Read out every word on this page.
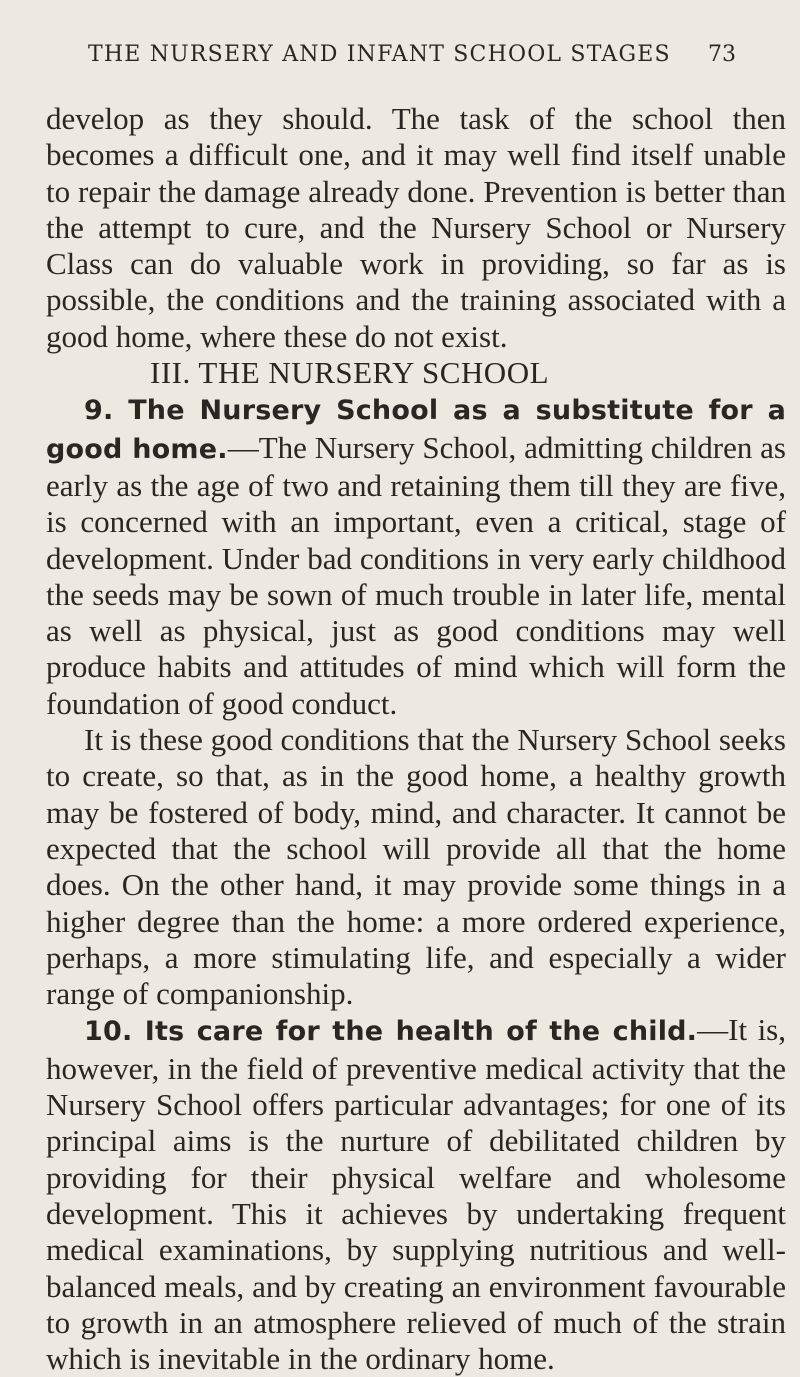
THE NURSERY AND INFANT SCHOOL STAGES 73

develop as they should. The task of the school then becomes a difficult one, and it may well find itself unable to repair the damage already done. Prevention is better than the attempt to cure, and the Nursery School or Nursery Class can do valuable work in providing, so far as is possible, the conditions and the training associated with a good home, where these do not exist.

III. THE NURSERY SCHOOL

9. The Nursery School as a substitute for a good home.—The Nursery School, admitting children as early as the age of two and retaining them till they are five, is concerned with an important, even a critical, stage of development. Under bad conditions in very early childhood the seeds may be sown of much trouble in later life, mental as well as physical, just as good conditions may well produce habits and attitudes of mind which will form the foundation of good conduct.

It is these good conditions that the Nursery School seeks to create, so that, as in the good home, a healthy growth may be fostered of body, mind, and character. It cannot be expected that the school will provide all that the home does. On the other hand, it may provide some things in a higher degree than the home: a more ordered experience, perhaps, a more stimulating life, and especially a wider range of companionship.

10. Its care for the health of the child.—It is, however, in the field of preventive medical activity that the Nursery School offers particular advantages; for one of its principal aims is the nurture of debilitated children by providing for their physical welfare and wholesome development. This it achieves by undertaking frequent medical examinations, by supplying nutritious and well-balanced meals, and by creating an environment favourable to growth in an atmosphere relieved of much of the strain which is inevitable in the ordinary home.
